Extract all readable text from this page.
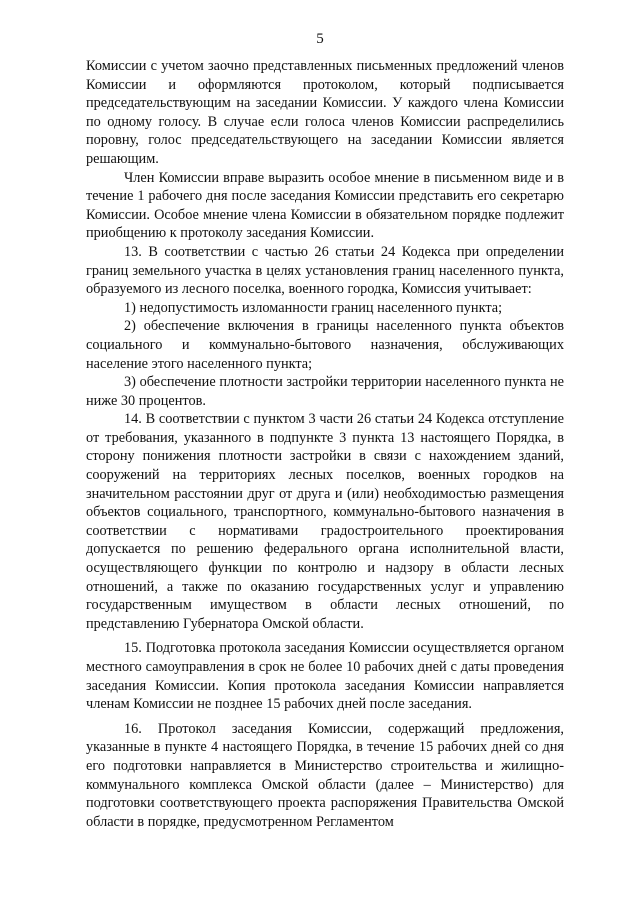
5

Комиссии с учетом заочно представленных письменных предложений членов Комиссии и оформляются протоколом, который подписывается председательствующим на заседании Комиссии. У каждого члена Комиссии по одному голосу. В случае если голоса членов Комиссии распределились поровну, голос председательствующего на заседании Комиссии является решающим.

Член Комиссии вправе выразить особое мнение в письменном виде и в течение 1 рабочего дня после заседания Комиссии представить его секретарю Комиссии. Особое мнение члена Комиссии в обязательном порядке подлежит приобщению к протоколу заседания Комиссии.

13. В соответствии с частью 26 статьи 24 Кодекса при определении границ земельного участка в целях установления границ населенного пункта, образуемого из лесного поселка, военного городка, Комиссия учитывает:

1) недопустимость изломанности границ населенного пункта;

2) обеспечение включения в границы населенного пункта объектов социального и коммунально-бытового назначения, обслуживающих население этого населенного пункта;

3) обеспечение плотности застройки территории населенного пункта не ниже 30 процентов.

14. В соответствии с пунктом 3 части 26 статьи 24 Кодекса отступление от требования, указанного в подпункте 3 пункта 13 настоящего Порядка, в сторону понижения плотности застройки в связи с нахождением зданий, сооружений на территориях лесных поселков, военных городков на значительном расстоянии друг от друга и (или) необходимостью размещения объектов социального, транспортного, коммунально-бытового назначения в соответствии с нормативами градостроительного проектирования допускается по решению федерального органа исполнительной власти, осуществляющего функции по контролю и надзору в области лесных отношений, а также по оказанию государственных услуг и управлению государственным имуществом в области лесных отношений, по представлению Губернатора Омской области.

15. Подготовка протокола заседания Комиссии осуществляется органом местного самоуправления в срок не более 10 рабочих дней с даты проведения заседания Комиссии. Копия протокола заседания Комиссии направляется членам Комиссии не позднее 15 рабочих дней после заседания.

16. Протокол заседания Комиссии, содержащий предложения, указанные в пункте 4 настоящего Порядка, в течение 15 рабочих дней со дня его подготовки направляется в Министерство строительства и жилищно-коммунального комплекса Омской области (далее – Министерство) для подготовки соответствующего проекта распоряжения Правительства Омской области в порядке, предусмотренном Регламентом
